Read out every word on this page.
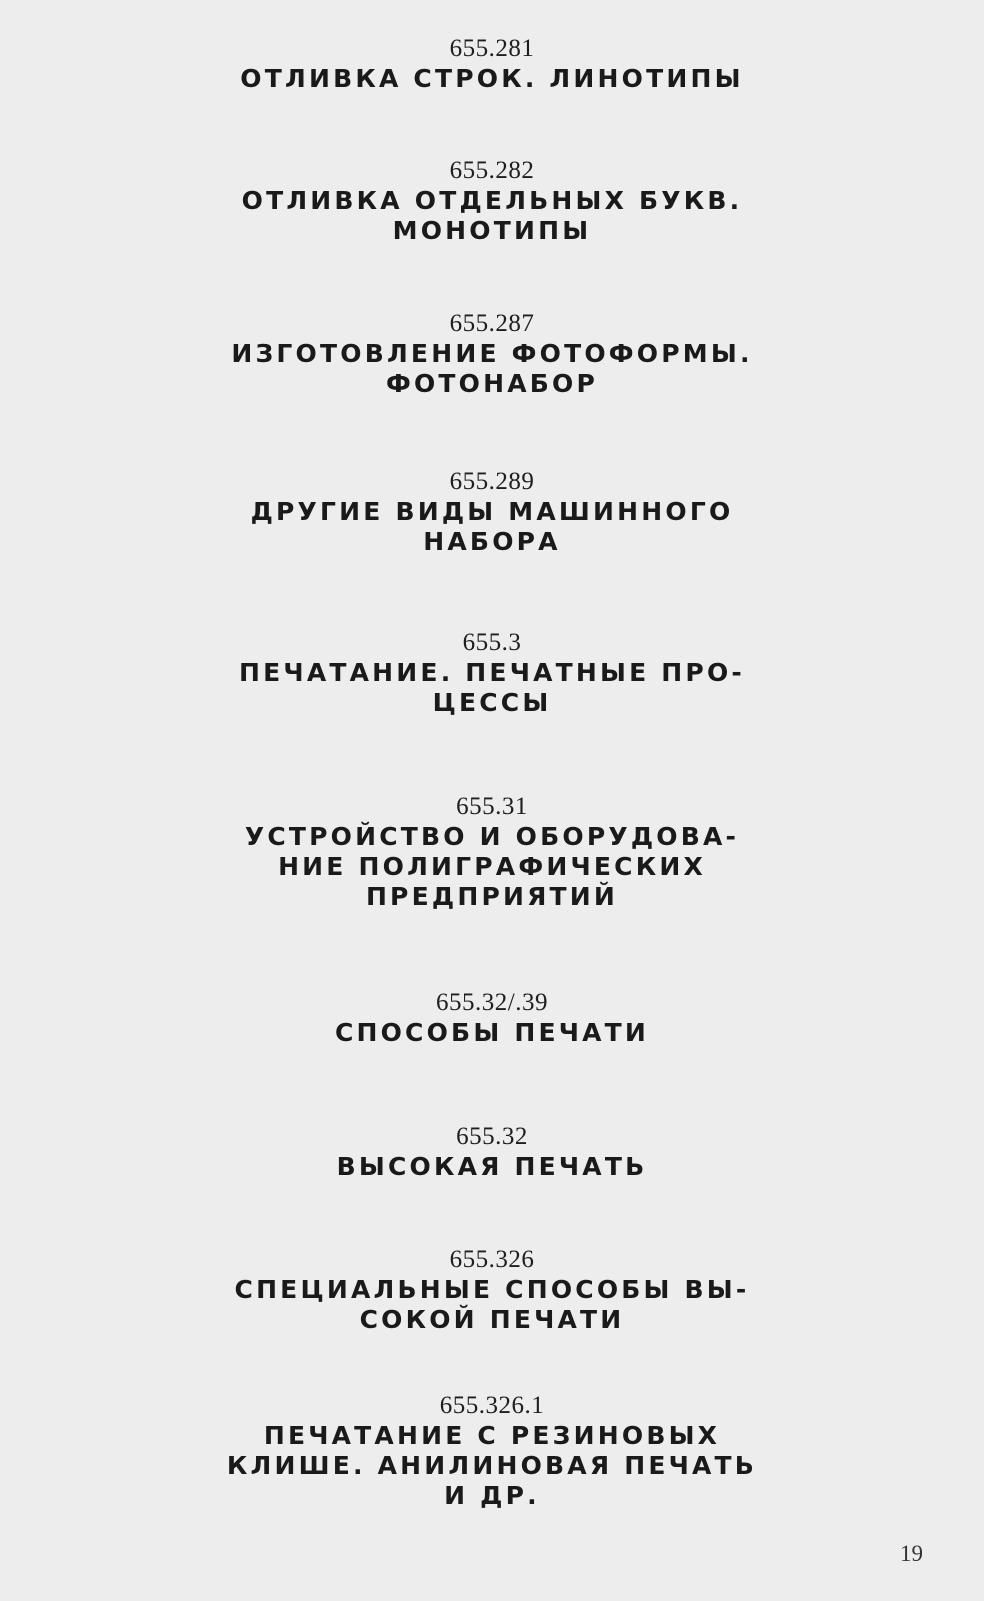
655.281
ОТЛИВКА СТРОК. ЛИНОТИПЫ
655.282
ОТЛИВКА ОТДЕЛЬНЫХ БУКВ.
МОНОТИПЫ
655.287
ИЗГОТОВЛЕНИЕ ФОТОФОРМЫ.
ФОТОНАБОР
655.289
ДРУГИЕ ВИДЫ МАШИННОГО
НАБОРА
655.3
ПЕЧАТАНИЕ. ПЕЧАТНЫЕ ПРО-
ЦЕССЫ
655.31
УСТРОЙСТВО И ОБОРУДОВА-
НИЕ ПОЛИГРАФИЧЕСКИХ
ПРЕДПРИЯТИЙ
655.32/.39
СПОСОБЫ ПЕЧАТИ
655.32
ВЫСОКАЯ ПЕЧАТЬ
655.326
СПЕЦИАЛЬНЫЕ СПОСОБЫ ВЫ-
СОКОЙ ПЕЧАТИ
655.326.1
ПЕЧАТАНИЕ С РЕЗИНОВЫХ
КЛИШЕ. АНИЛИНОВАЯ ПЕЧАТЬ
И ДР.
19
